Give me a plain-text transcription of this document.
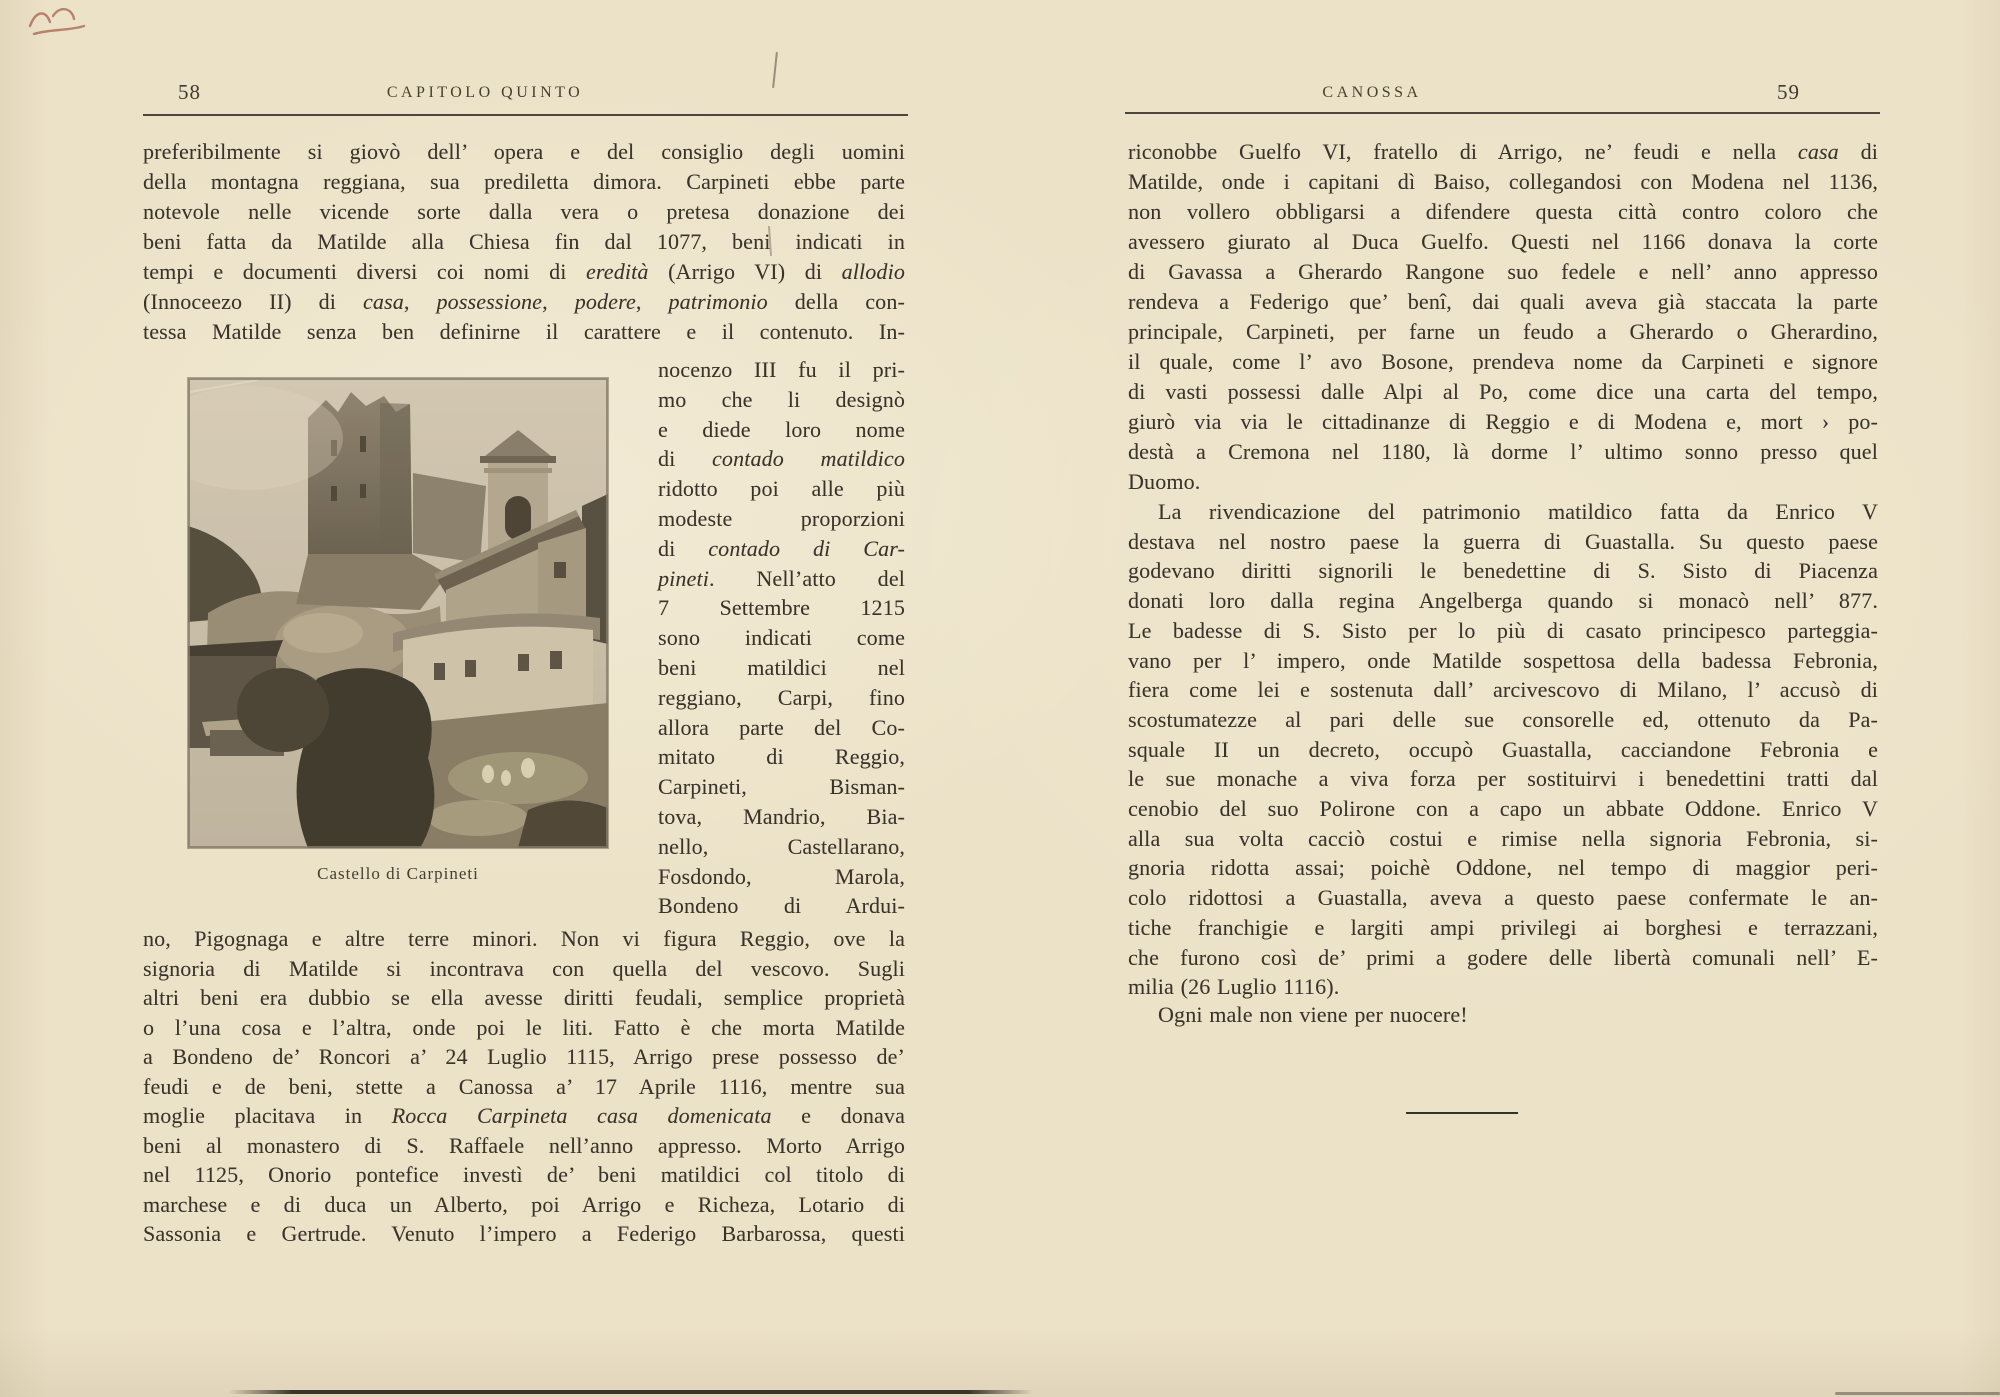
58	CAPITOLO QUINTO
preferibilmente si giovò dell’ opera e del consiglio degli uomini
della montagna reggiana, sua prediletta dimora. Carpineti ebbe parte
notevole nelle vicende sorte dalla vera o pretesa donazione dei
beni fatta da Matilde alla Chiesa fin dal 1077, beni indicati in
tempi e documenti diversi coi nomi di eredità (Arrigo VI) di allodio
(Innoceezo II) di casa, possessione, podere, patrimonio della con-
tessa Matilde senza ben definirne il carattere e il contenuto. In-
nocenzo III fu il pri-
mo che li designò
e diede loro nome
di contado matildico
ridotto poi alle più
modeste proporzioni
di contado di Car-
pineti. Nell’atto del
7 Settembre 1215
sono indicati come
beni matildici nel
reggiano, Carpi, fino
allora parte del Co-
mitato di Reggio,
Carpineti, Bisman-
tova, Mandrio, Bia-
nello, Castellarano,
Fosdondo, Marola,
Bondeno di Ardui-
Castello di Carpineti
no, Pigognaga e altre terre minori. Non vi figura Reggio, ove la
signoria di Matilde si incontrava con quella del vescovo. Sugli
altri beni era dubbio se ella avesse diritti feudali, semplice proprietà
o l’una cosa e l’altra, onde poi le liti. Fatto è che morta Matilde
a Bondeno de’ Roncori a’ 24 Luglio 1115, Arrigo prese possesso de’
feudi e de beni, stette a Canossa a’ 17 Aprile 1116, mentre sua
moglie placitava in Rocca Carpineta casa domenicata e donava
beni al monastero di S. Raffaele nell’anno appresso. Morto Arrigo
nel 1125, Onorio pontefice investì de’ beni matildici col titolo di
marchese e di duca un Alberto, poi Arrigo e Richeza, Lotario di
Sassonia e Gertrude. Venuto l’impero a Federigo Barbarossa, questi
CANOSSA	59
riconobbe Guelfo VI, fratello di Arrigo, ne’ feudi e nella casa di
Matilde, onde i capitani dì Baiso, collegandosi con Modena nel 1136,
non vollero obbligarsi a difendere questa città contro coloro che
avessero giurato al Duca Guelfo. Questi nel 1166 donava la corte
di Gavassa a Gherardo Rangone suo fedele e nell’ anno appresso
rendeva a Federigo que’ benî, dai quali aveva già staccata la parte
principale, Carpineti, per farne un feudo a Gherardo o Gherardino,
il quale, come l’ avo Bosone, prendeva nome da Carpineti e signore
di vasti possessi dalle Alpi al Po, come dice una carta del tempo,
giurò via via le cittadinanze di Reggio e di Modena e, mort › po-
destà a Cremona nel 1180, là dorme l’ ultimo sonno presso quel
Duomo.
La rivendicazione del patrimonio matildico fatta da Enrico V
destava nel nostro paese la guerra di Guastalla. Su questo paese
godevano diritti signorili le benedettine di S. Sisto di Piacenza
donati loro dalla regina Angelberga quando si monacò nell’ 877.
Le badesse di S. Sisto per lo più di casato principesco parteggia-
vano per l’ impero, onde Matilde sospettosa della badessa Febronia,
fiera come lei e sostenuta dall’ arcivescovo di Milano, l’ accusò di
scostumatezze al pari delle sue consorelle ed, ottenuto da Pa-
squale II un decreto, occupò Guastalla, cacciandone Febronia e
le sue monache a viva forza per sostituirvi i benedettini tratti dal
cenobio del suo Polirone con a capo un abbate Oddone. Enrico V
alla sua volta cacciò costui e rimise nella signoria Febronia, si-
gnoria ridotta assai; poichè Oddone, nel tempo di maggior peri-
colo ridottosi a Guastalla, aveva a questo paese confermate le an-
tiche franchigie e largiti ampi privilegi ai borghesi e terrazzani,
che furono così de’ primi a godere delle libertà comunali nell’ E-
milia (26 Luglio 1116).
Ogni male non viene per nuocere!
